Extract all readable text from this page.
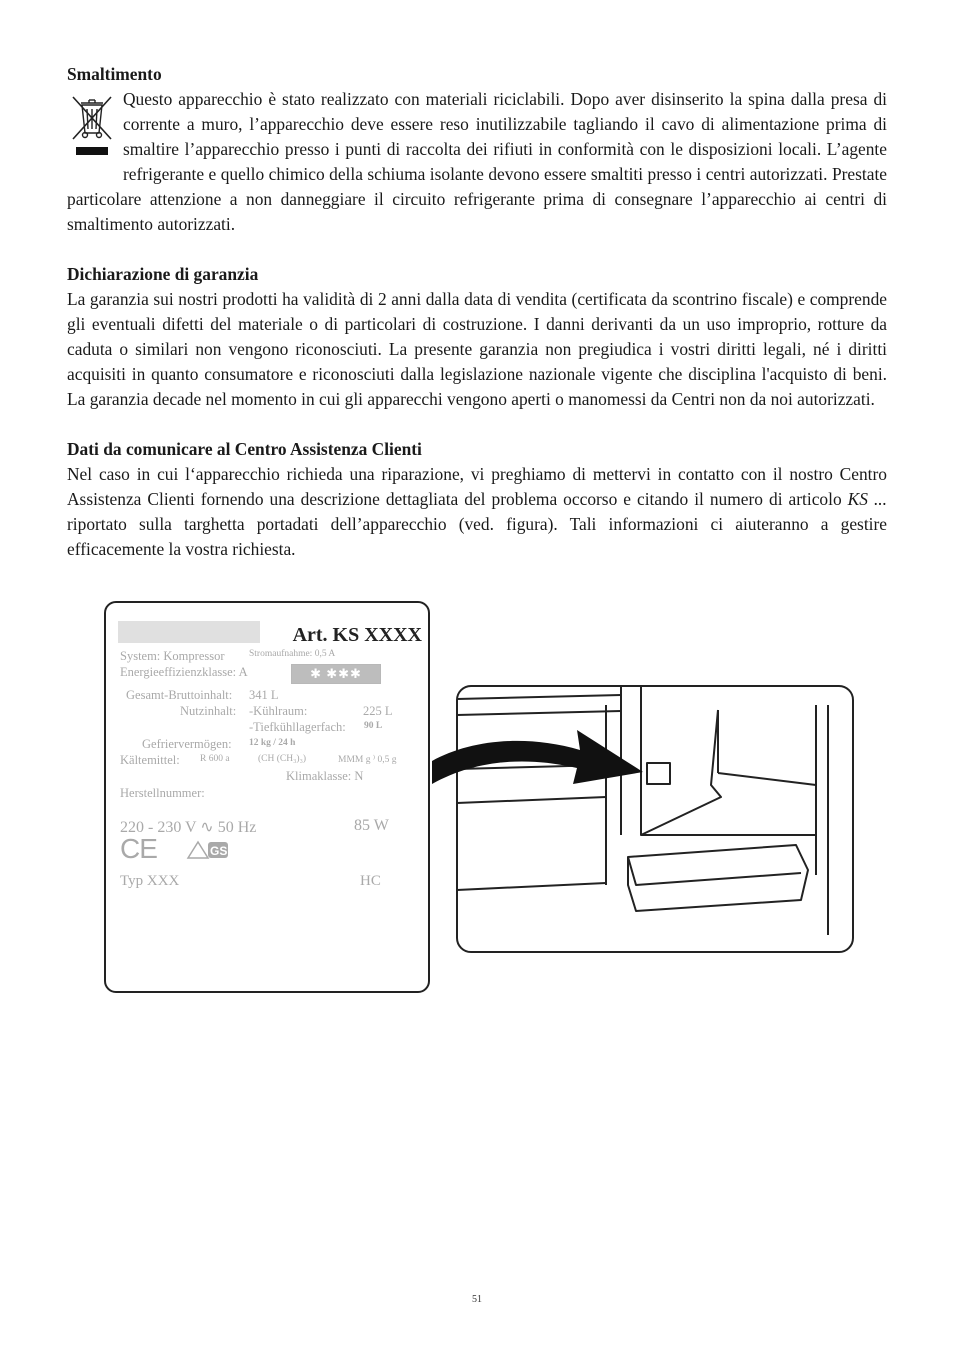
Smaltimento

Questo apparecchio è stato realizzato con materiali riciclabili. Dopo aver disinserito la spina dalla presa di corrente a muro, l’apparecchio deve essere reso inutilizzabile tagliando il cavo di alimentazione prima di smaltire l’apparecchio presso i punti di raccolta dei rifiuti in conformità con le disposizioni locali. L’agente refrigerante e quello chimico della schiuma isolante devono essere smaltiti presso i centri autorizzati. Prestate particolare attenzione a non danneggiare il circuito refrigerante prima di consegnare l’apparecchio ai centri di smaltimento autorizzati.

Dichiarazione di garanzia

La garanzia sui nostri prodotti ha validità di 2 anni dalla data di vendita (certificata da scontrino fiscale) e comprende gli eventuali difetti del materiale o di particolari di costruzione. I danni derivanti da un uso improprio, rotture da caduta o similari non vengono riconosciuti. La presente garanzia non pregiudica i vostri diritti legali, né i diritti acquisiti in quanto consumatore e riconosciuti dalla legislazione nazionale vigente che disciplina l'acquisto di beni. La garanzia decade nel momento in cui gli apparecchi vengono aperti o manomessi da Centri non da noi autorizzati.

Dati da comunicare al Centro Assistenza Clienti

Nel caso in cui l‘apparecchio richieda una riparazione, vi preghiamo di mettervi in contatto con il nostro Centro Assistenza Clienti fornendo una descrizione dettagliata del problema occorso e citando il numero di articolo KS ... riportato sulla targhetta portadati dell’apparecchio (ved. figura). Tali informazioni ci aiuteranno a gestire efficacemente la vostra richiesta.

Art. KS XXXX
System: Kompressor	Stromaufnahme: 0,5 A
Energieeffizienzklasse: A	✱ ✱✱✱
Gesamt-Bruttoinhalt: 341 L
Nutzinhalt: -Kühlraum:	225 L
-Tiefkühllagerfach: 90 L
Gefriervermögen: 12 kg / 24 h
Kältemittel: R 600 a	(CH (CH₃)₃)	MMM g ⁾ 0,5 g
Klimaklasse: N
Herstellnummer:
220 - 230 V ∿ 50 Hz	85 W
CE	GS
Typ XXX	HC
51
